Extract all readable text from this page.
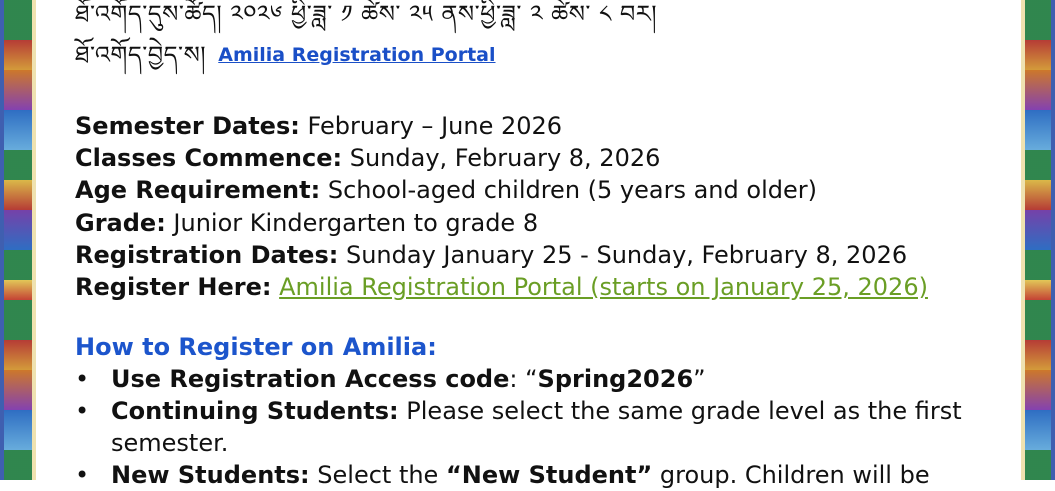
ཐོ་འགོད་དུས་ཚོད། ༢༠༢༦ ཕྱི་ཟླ་ ༡ ཚེས་ ༢༥ ནས་ཕྱི་ཟླ་ ༢ ཚེས་ ༨ བར།
ཐོ་འགོད་བྱེད་ས། Amilia Registration Portal
Semester Dates: February – June 2026
Classes Commence: Sunday, February 8, 2026
Age Requirement: School-aged children (5 years and older)
Grade: Junior Kindergarten to grade 8
Registration Dates: Sunday January 25 - Sunday, February 8, 2026
Register Here: Amilia Registration Portal (starts on January 25, 2026)
How to Register on Amilia:
• Use Registration Access code: “Spring2026”
• Continuing Students: Please select the same grade level as the first semester.
• New Students: Select the “New Student” group. Children will be
